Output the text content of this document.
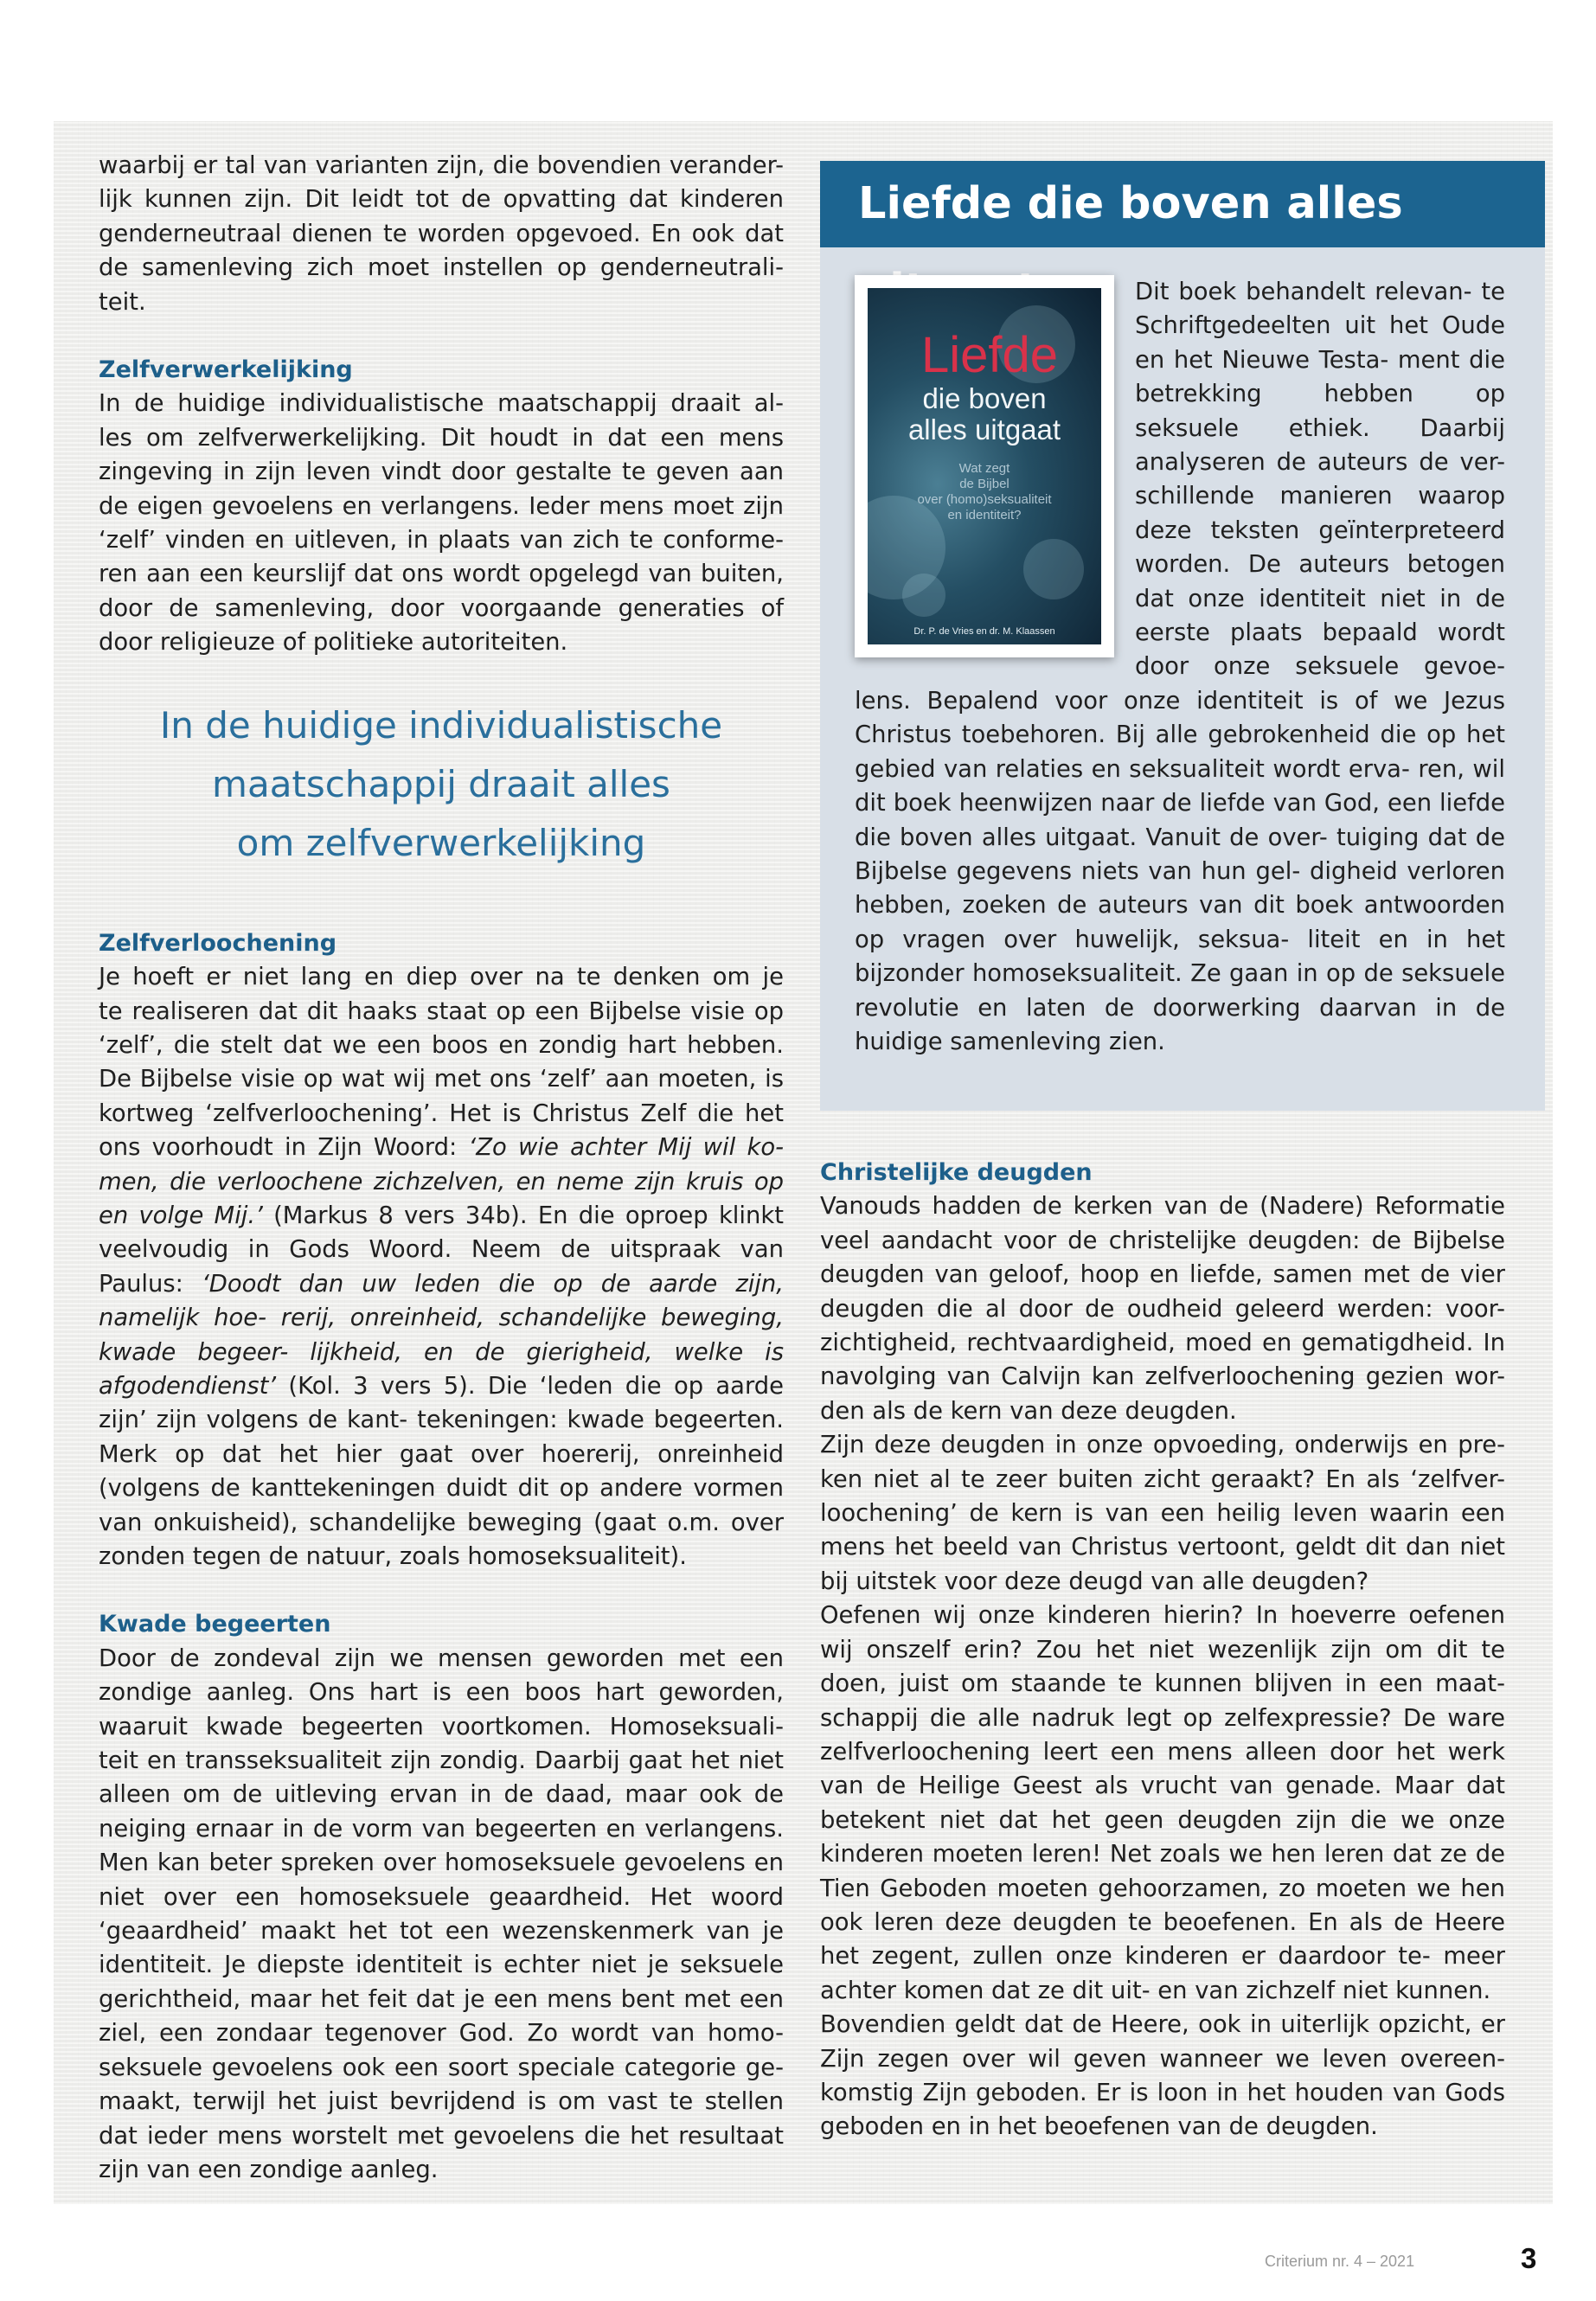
waarbij er tal van varianten zijn, die bovendien verander-
lijk kunnen zijn. Dit leidt tot de opvatting dat kinderen
genderneutraal dienen te worden opgevoed. En ook dat
de samenleving zich moet instellen op genderneutrali-
teit.

Zelfverwerkelijking

In de huidige individualistische maatschappij draait al-
les om zelfverwerkelijking. Dit houdt in dat een mens
zingeving in zijn leven vindt door gestalte te geven aan
de eigen gevoelens en verlangens. Ieder mens moet zijn
‘zelf’ vinden en uitleven, in plaats van zich te conforme-
ren aan een keurslijf dat ons wordt opgelegd van buiten,
door de samenleving, door voorgaande generaties of
door religieuze of politieke autoriteiten.

In de huidige individualistische
maatschappij draait alles
om zelfverwerkelijking
Zelfverloochening

Je hoeft er niet lang en diep over na te denken om je
te realiseren dat dit haaks staat op een Bijbelse visie op
‘zelf’, die stelt dat we een boos en zondig hart hebben.
De Bijbelse visie op wat wij met ons ‘zelf’ aan moeten, is
kortweg ‘zelfverloochening’. Het is Christus Zelf die het
ons voorhoudt in Zijn Woord: ‘Zo wie achter Mij wil ko- men, die verloochene zichzelven, en neme zijn kruis op en volge Mij.’ (Markus 8 vers 34b). En die oproep klinkt veelvoudig in Gods Woord. Neem de uitspraak van Paulus: ‘Doodt dan uw leden die op de aarde zijn, namelijk hoe- rerij, onreinheid, schandelijke beweging, kwade begeer- lijkheid, en de gierigheid, welke is afgodendienst’ (Kol. 3 vers 5). Die ‘leden die op aarde zijn’ zijn volgens de kant- tekeningen: kwade begeerten. Merk op dat het hier gaat over hoererij, onreinheid (volgens de kanttekeningen duidt dit op andere vormen van onkuisheid), schandelijke beweging (gaat o.m. over zonden tegen de natuur, zoals homoseksualiteit).

Kwade begeerten

Door de zondeval zijn we mensen geworden met een zondige aanleg. Ons hart is een boos hart geworden, waaruit kwade begeerten voortkomen. Homoseksuali- teit en transseksualiteit zijn zondig. Daarbij gaat het niet alleen om de uitleving ervan in de daad, maar ook de neiging ernaar in de vorm van begeerten en verlangens. Men kan beter spreken over homoseksuele gevoelens en niet over een homoseksuele geaardheid. Het woord ‘geaardheid’ maakt het tot een wezenskenmerk van je identiteit. Je diepste identiteit is echter niet je seksuele gerichtheid, maar het feit dat je een mens bent met een ziel, een zondaar tegenover God. Zo wordt van homo- seksuele gevoelens ook een soort speciale categorie ge- maakt, terwijl het juist bevrijdend is om vast te stellen dat ieder mens worstelt met gevoelens die het resultaat zijn van een zondige aanleg.

Liefde die boven alles
Liefde
die boven
alles uitgaat
Wat zegt
de Bijbel
over (homo)seksualiteit
en identiteit?
Dr. P. de Vries en dr. M. Klaassen
Dit boek behandelt relevan- te Schriftgedeelten uit het Oude en het Nieuwe Testa- ment die betrekking hebben op seksuele ethiek. Daarbij analyseren de auteurs de ver- schillende manieren waarop deze teksten geïnterpreteerd worden. De auteurs betogen dat onze identiteit niet in de eerste plaats bepaald wordt door onze seksuele gevoe- lens. Bepalend voor onze identiteit is of we Jezus Christus toebehoren. Bij alle gebrokenheid die op het gebied van relaties en seksualiteit wordt erva- ren, wil dit boek heenwijzen naar de liefde van God, een liefde die boven alles uitgaat. Vanuit de over- tuiging dat de Bijbelse gegevens niets van hun gel- digheid verloren hebben, zoeken de auteurs van dit boek antwoorden op vragen over huwelijk, seksua- liteit en in het bijzonder homoseksualiteit. Ze gaan in op de seksuele revolutie en laten de doorwerking daarvan in de huidige samenleving zien.
Christelijke deugden

Vanouds hadden de kerken van de (Nadere) Reformatie veel aandacht voor de christelijke deugden: de Bijbelse deugden van geloof, hoop en liefde, samen met de vier deugden die al door de oudheid geleerd werden: voor- zichtigheid, rechtvaardigheid, moed en gematigdheid. In navolging van Calvijn kan zelfverloochening gezien wor- den als de kern van deze deugden.

Zijn deze deugden in onze opvoeding, onderwijs en pre- ken niet al te zeer buiten zicht geraakt? En als ‘zelfver- loochening’ de kern is van een heilig leven waarin een mens het beeld van Christus vertoont, geldt dit dan niet bij uitstek voor deze deugd van alle deugden?

Oefenen wij onze kinderen hierin? In hoeverre oefenen wij onszelf erin? Zou het niet wezenlijk zijn om dit te doen, juist om staande te kunnen blijven in een maat- schappij die alle nadruk legt op zelfexpressie? De ware zelfverloochening leert een mens alleen door het werk van de Heilige Geest als vrucht van genade. Maar dat betekent niet dat het geen deugden zijn die we onze kinderen moeten leren! Net zoals we hen leren dat ze de Tien Geboden moeten gehoorzamen, zo moeten we hen ook leren deze deugden te beoefenen. En als de Heere het zegent, zullen onze kinderen er daardoor te- meer achter komen dat ze dit uit- en van zichzelf niet kunnen.

Bovendien geldt dat de Heere, ook in uiterlijk opzicht, er Zijn zegen over wil geven wanneer we leven overeen- komstig Zijn geboden. Er is loon in het houden van Gods geboden en in het beoefenen van de deugden.

Criterium nr. 4 – 2021	3
